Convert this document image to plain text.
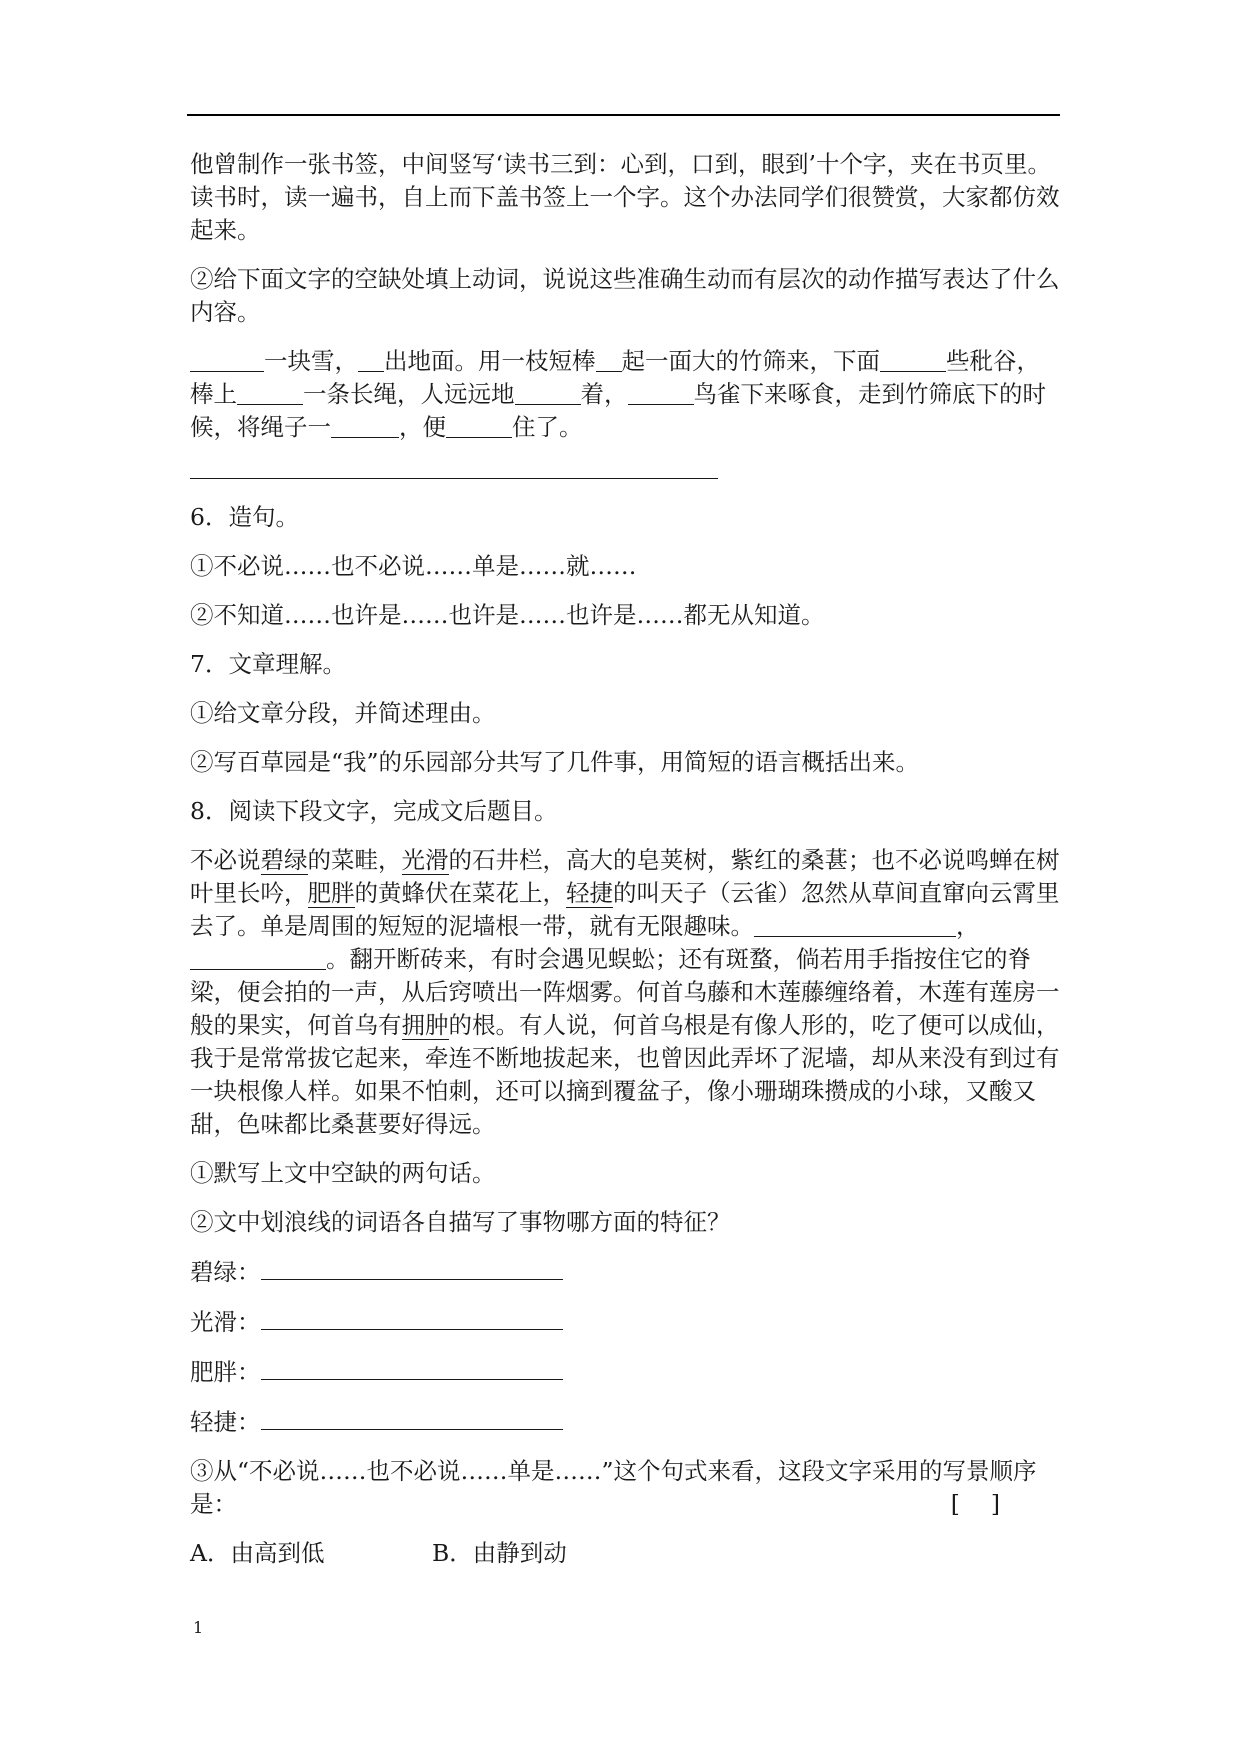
他曾制作一张书签，中间竖写‘读书三到：心到，口到，眼到’十个字，夹在书页里。读书时，读一遍书，自上而下盖书签上一个字。这个办法同学们很赞赏，大家都仿效起来。

②给下面文字的空缺处填上动词，说说这些准确生动而有层次的动作描写表达了什么内容。

一块雪， 出地面。用一枝短棒 起一面大的竹筛来，下面	些秕谷，棒上	一条长绳，人远远地	着，	鸟雀下来啄食，走到竹筛底下的时候，将绳子一	，便	住了。

6．造句。

①不必说……也不必说……单是……就……

②不知道……也许是……也许是……也许是……都无从知道。

7．文章理解。

①给文章分段，并简述理由。

②写百草园是“我”的乐园部分共写了几件事，用简短的语言概括出来。

8．阅读下段文字，完成文后题目。

不必说碧绿的菜畦，光滑的石井栏，高大的皂荚树，紫红的桑葚；也不必说鸣蝉在树叶里长吟，肥胖的黄蜂伏在菜花上，轻捷的叫天子（云雀）忽然从草间直窜向云霄里去了。单是周围的短短的泥墙根一带，就有无限趣味。	，。翻开断砖来，有时会遇见蜈蚣；还有斑蝥，倘若用手指按住它的脊梁，便会拍的一声，从后窍喷出一阵烟雾。何首乌藤和木莲藤缠络着，木莲有莲房一般的果实，何首乌有拥肿的根。有人说，何首乌根是有像人形的，吃了便可以成仙，我于是常常拔它起来，牵连不断地拔起来，也曾因此弄坏了泥墙，却从来没有到过有一块根像人样。如果不怕刺，还可以摘到覆盆子，像小珊瑚珠攒成的小球，又酸又甜，色味都比桑葚要好得远。

①默写上文中空缺的两句话。

②文中划浪线的词语各自描写了事物哪方面的特征？

碧绿：
光滑：
肥胖：
轻捷：

③从“不必说……也不必说……单是……”这个句式来看，这段文字采用的写景顺序是：	[　 ]
A．由高到低	B．由静到动
1
